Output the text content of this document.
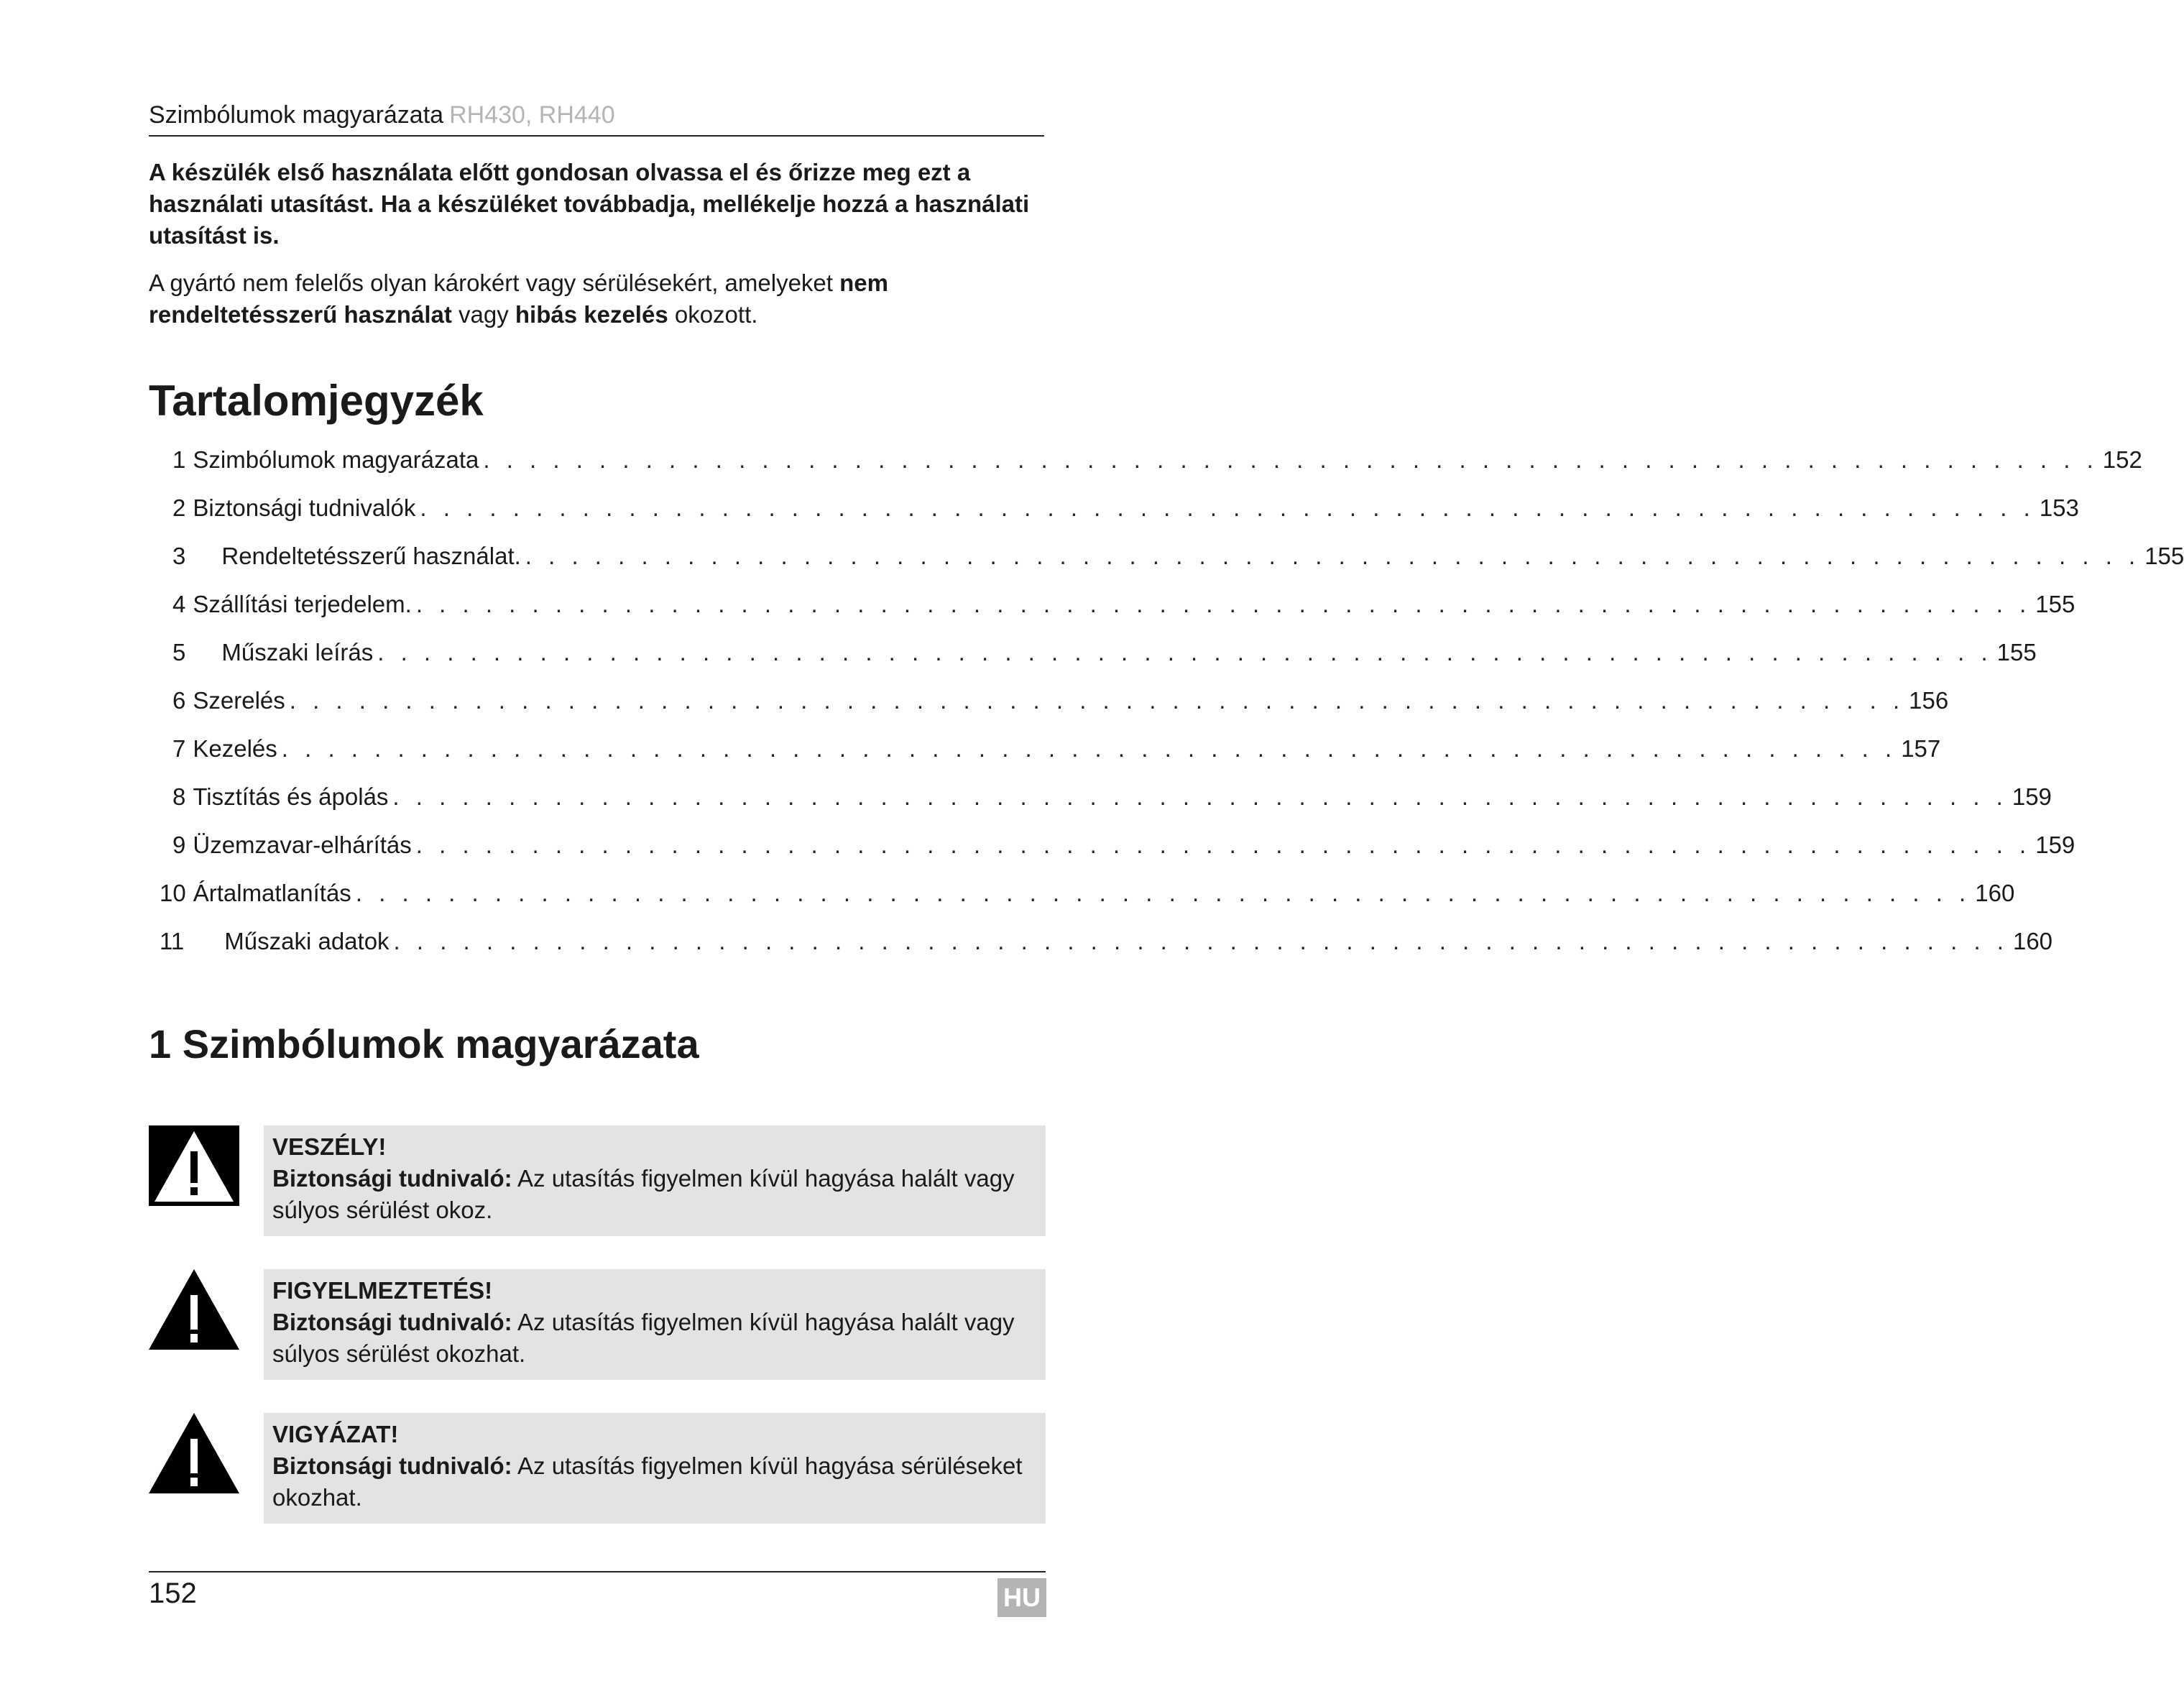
Szimbólumok magyarázata RH430, RH440

A készülék első használata előtt gondosan olvassa el és őrizze meg ezt a használati utasítást. Ha a készüléket továbbadja, mellékelje hozzá a használati utasítást is.

A gyártó nem felelős olyan károkért vagy sérülésekért, amelyeket nem rendeltetésszerű használat vagy hibás kezelés okozott.

Tartalomjegyzék
1 Szimbólumok magyarázata . . . . . . . . . . . . . . . . . . . . . . . . . . . . . . . . . . . . . . . . . . . . . . . . . . . . . . . . . . . . . . . . . . . . . . 152
2 Biztonsági tudnivalók . . . . . . . . . . . . . . . . . . . . . . . . . . . . . . . . . . . . . . . . . . . . . . . . . . . . . . . . . . . . . . . . . . . . . . 153
3 Rendeltetésszerű használat. . . . . . . . . . . . . . . . . . . . . . . . . . . . . . . . . . . . . . . . . . . . . . . . . . . . . . . . . . . . . . . . . . . . . . . 155
4 Szállítási terjedelem. . . . . . . . . . . . . . . . . . . . . . . . . . . . . . . . . . . . . . . . . . . . . . . . . . . . . . . . . . . . . . . . . . . . . . . 155
5 Műszaki leírás . . . . . . . . . . . . . . . . . . . . . . . . . . . . . . . . . . . . . . . . . . . . . . . . . . . . . . . . . . . . . . . . . . . . . . 155
6 Szerelés . . . . . . . . . . . . . . . . . . . . . . . . . . . . . . . . . . . . . . . . . . . . . . . . . . . . . . . . . . . . . . . . . . . . . . 156
7 Kezelés . . . . . . . . . . . . . . . . . . . . . . . . . . . . . . . . . . . . . . . . . . . . . . . . . . . . . . . . . . . . . . . . . . . . . . 157
8 Tisztítás és ápolás . . . . . . . . . . . . . . . . . . . . . . . . . . . . . . . . . . . . . . . . . . . . . . . . . . . . . . . . . . . . . . . . . . . . . . 159
9 Üzemzavar-elhárítás . . . . . . . . . . . . . . . . . . . . . . . . . . . . . . . . . . . . . . . . . . . . . . . . . . . . . . . . . . . . . . . . . . . . . . 159
10 Ártalmatlanítás . . . . . . . . . . . . . . . . . . . . . . . . . . . . . . . . . . . . . . . . . . . . . . . . . . . . . . . . . . . . . . . . . . . . . . 160
11 Műszaki adatok . . . . . . . . . . . . . . . . . . . . . . . . . . . . . . . . . . . . . . . . . . . . . . . . . . . . . . . . . . . . . . . . . . . . . . 160
1 Szimbólumok magyarázata
VESZÉLY!
Biztonsági tudnivaló: Az utasítás figyelmen kívül hagyása halált vagy súlyos sérülést okoz.
FIGYELMEZTETÉS!
Biztonsági tudnivaló: Az utasítás figyelmen kívül hagyása halált vagy súlyos sérülést okozhat.
VIGYÁZAT!
Biztonsági tudnivaló: Az utasítás figyelmen kívül hagyása sérüléseket okozhat.
152	HU
